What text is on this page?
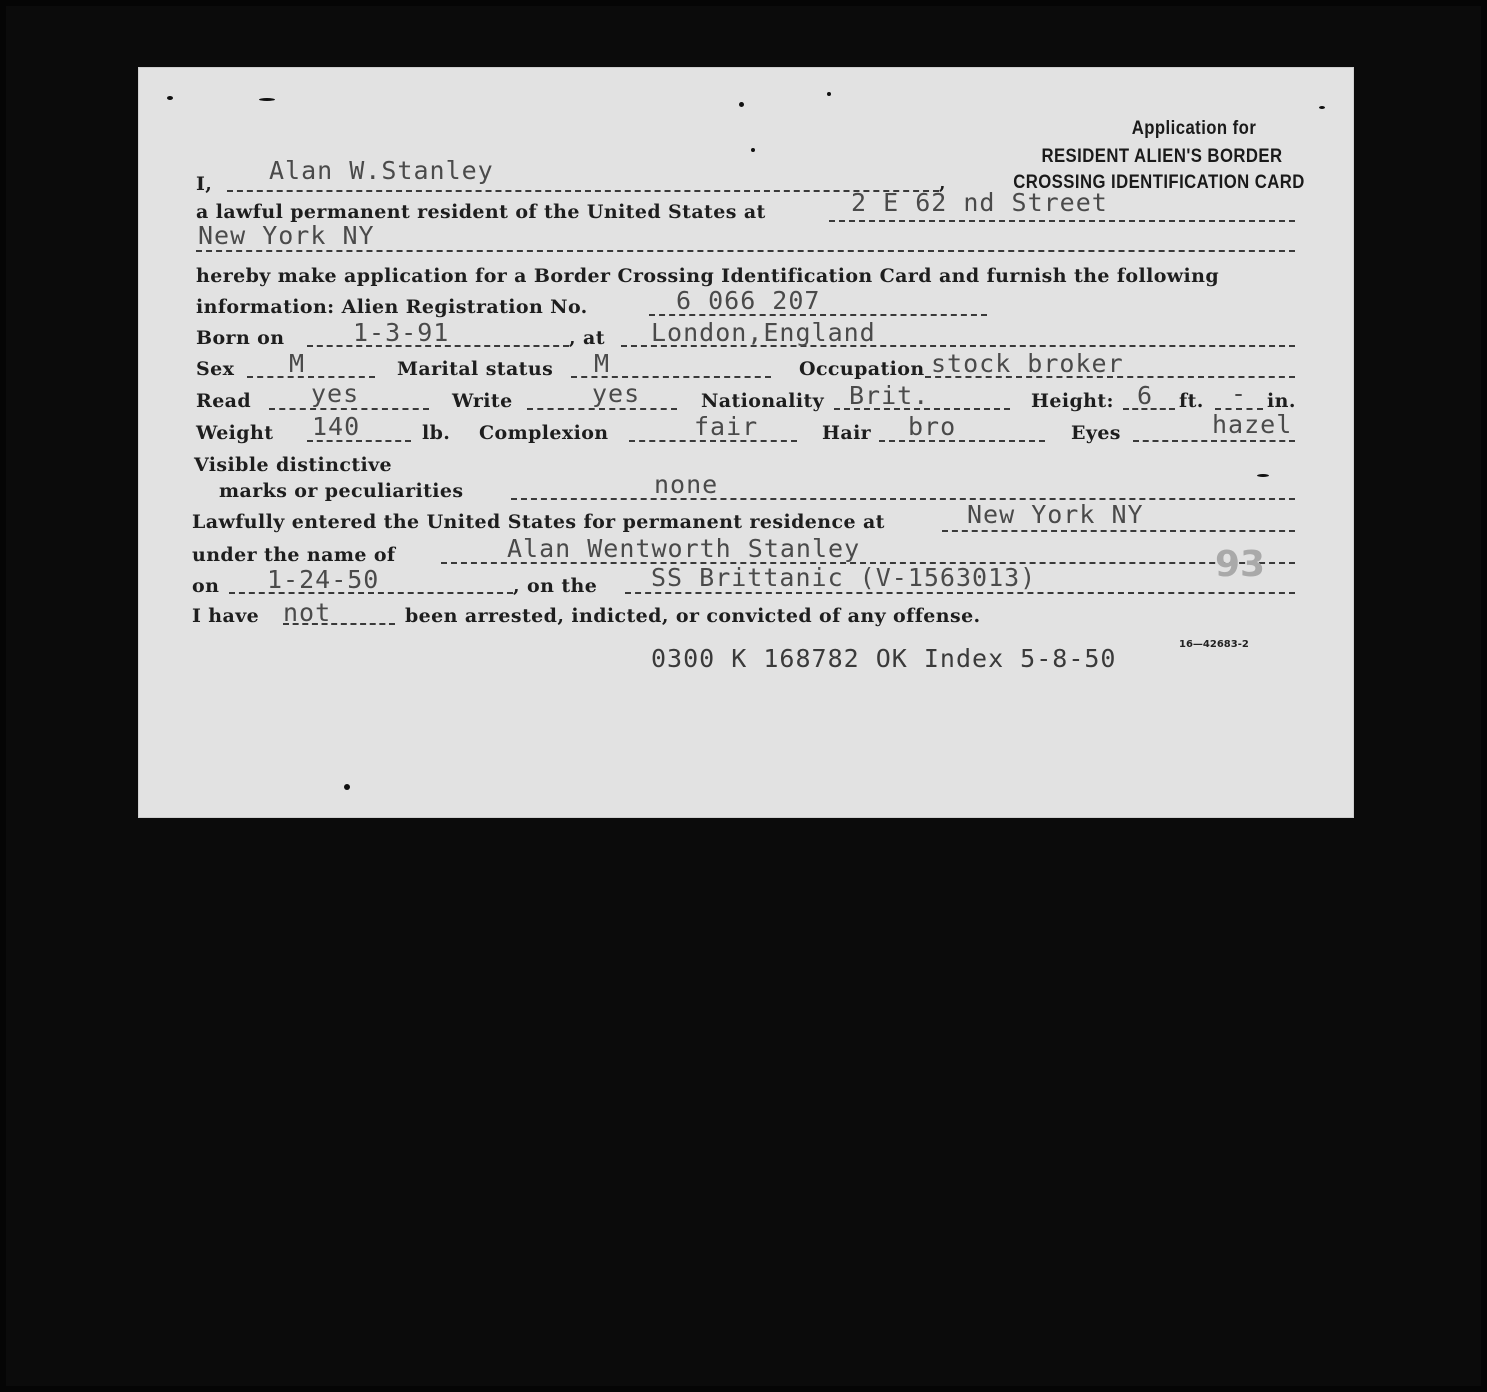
Application for
RESIDENT ALIEN'S BORDER
CROSSING IDENTIFICATION CARD
I, Alan W.Stanley	,
a lawful permanent resident of the United States at	2 E 62 nd Street
New York NY
hereby make application for a Border Crossing Identification Card and furnish the following
information: Alien Registration No.	6 066 207
Born on	1-3-91	, at London,England
Sex M	Marital status M	Occupation stock broker
Read yes	Write	yes	Nationality Brit.	Height: 6 ft. - in.
Weight 140	lb. Complexion	fair	Hair bro	Eyes	hazel
Visible distinctive
marks or peculiarities	none
Lawfully entered the United States for permanent residence at	New York NY
under the name of	Alan Wentworth Stanley	93
on 1-24-50	, on the SS Brittanic (V-1563013)
I have not	been arrested, indicted, or convicted of any offense.
16—42683-2
0300 K 168782 OK Index 5-8-50
